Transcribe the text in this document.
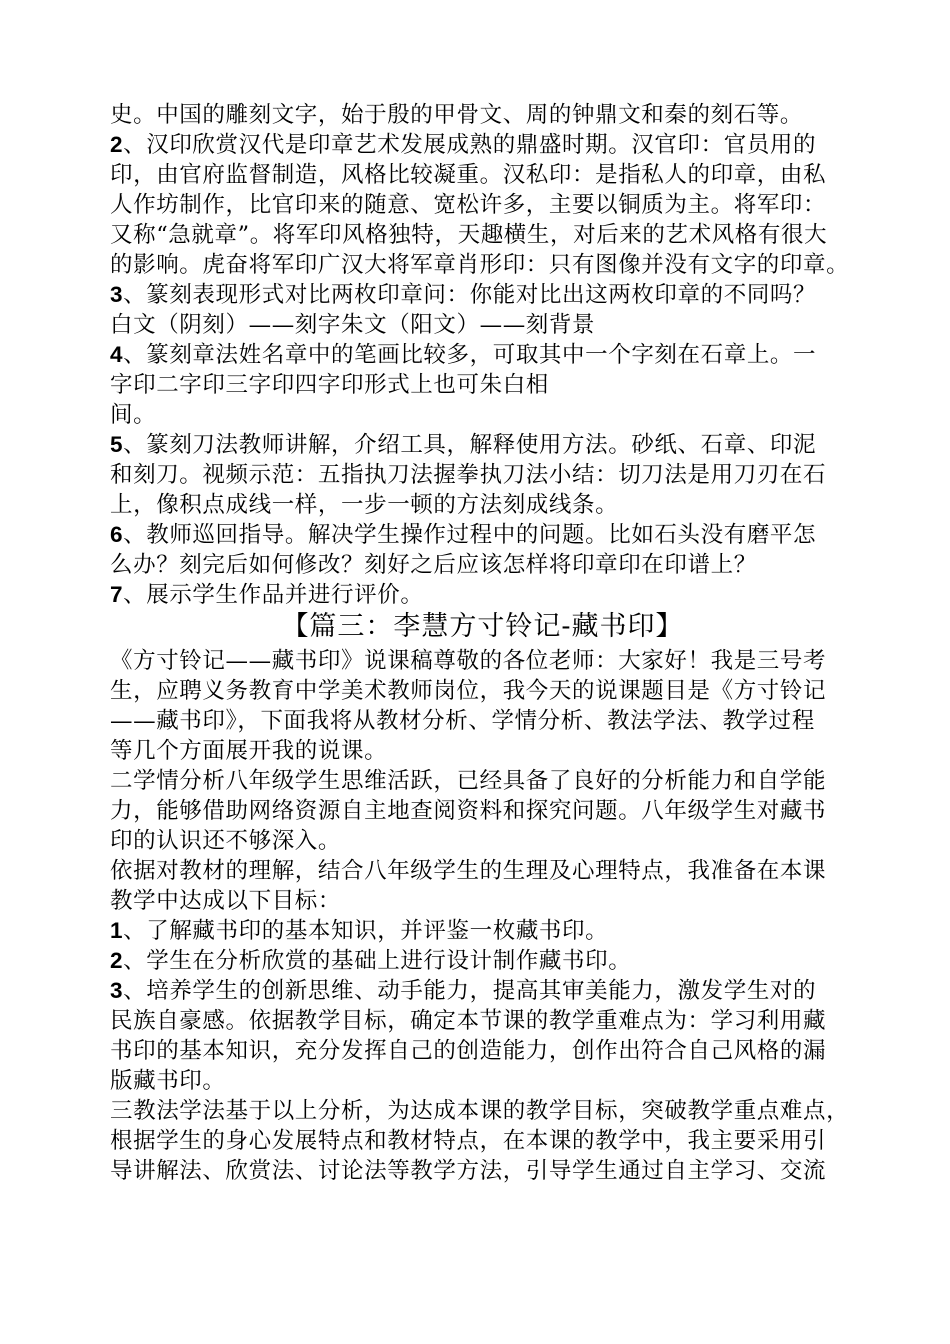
史。中国的雕刻文字，始于殷的甲骨文、周的钟鼎文和秦的刻石等。
2、汉印欣赏汉代是印章艺术发展成熟的鼎盛时期。汉官印：官员用的
印，由官府监督制造，风格比较凝重。汉私印：是指私人的印章，由私
人作坊制作，比官印来的随意、宽松许多，主要以铜质为主。将军印：
又称“急就章”。将军印风格独特，天趣横生，对后来的艺术风格有很大
的影响。虎奋将军印广汉大将军章肖形印：只有图像并没有文字的印章。
3、篆刻表现形式对比两枚印章问：你能对比出这两枚印章的不同吗？
白文（阴刻）——刻字朱文（阳文）——刻背景
4、篆刻章法姓名章中的笔画比较多，可取其中一个字刻在石章上。一
字印二字印三字印四字印形式上也可朱白相
间。
5、篆刻刀法教师讲解，介绍工具，解释使用方法。砂纸、石章、印泥
和刻刀。视频示范：五指执刀法握拳执刀法小结：切刀法是用刀刃在石
上，像积点成线一样，一步一顿的方法刻成线条。
6、教师巡回指导。解决学生操作过程中的问题。比如石头没有磨平怎
么办？刻完后如何修改？刻好之后应该怎样将印章印在印谱上？
7、展示学生作品并进行评价。
【篇三：李慧方寸铃记-藏书印】
《方寸铃记——藏书印》说课稿尊敬的各位老师：大家好！我是三号考
生，应聘义务教育中学美术教师岗位，我今天的说课题目是《方寸铃记
——藏书印》，下面我将从教材分析、学情分析、教法学法、教学过程
等几个方面展开我的说课。
二学情分析八年级学生思维活跃，已经具备了良好的分析能力和自学能
力，能够借助网络资源自主地查阅资料和探究问题。八年级学生对藏书
印的认识还不够深入。
依据对教材的理解，结合八年级学生的生理及心理特点，我准备在本课
教学中达成以下目标：
1、了解藏书印的基本知识，并评鉴一枚藏书印。
2、学生在分析欣赏的基础上进行设计制作藏书印。
3、培养学生的创新思维、动手能力，提高其审美能力，激发学生对的
民族自豪感。依据教学目标，确定本节课的教学重难点为：学习利用藏
书印的基本知识，充分发挥自己的创造能力，创作出符合自己风格的漏
版藏书印。
三教法学法基于以上分析，为达成本课的教学目标，突破教学重点难点，
根据学生的身心发展特点和教材特点，在本课的教学中，我主要采用引
导讲解法、欣赏法、讨论法等教学方法，引导学生通过自主学习、交流
